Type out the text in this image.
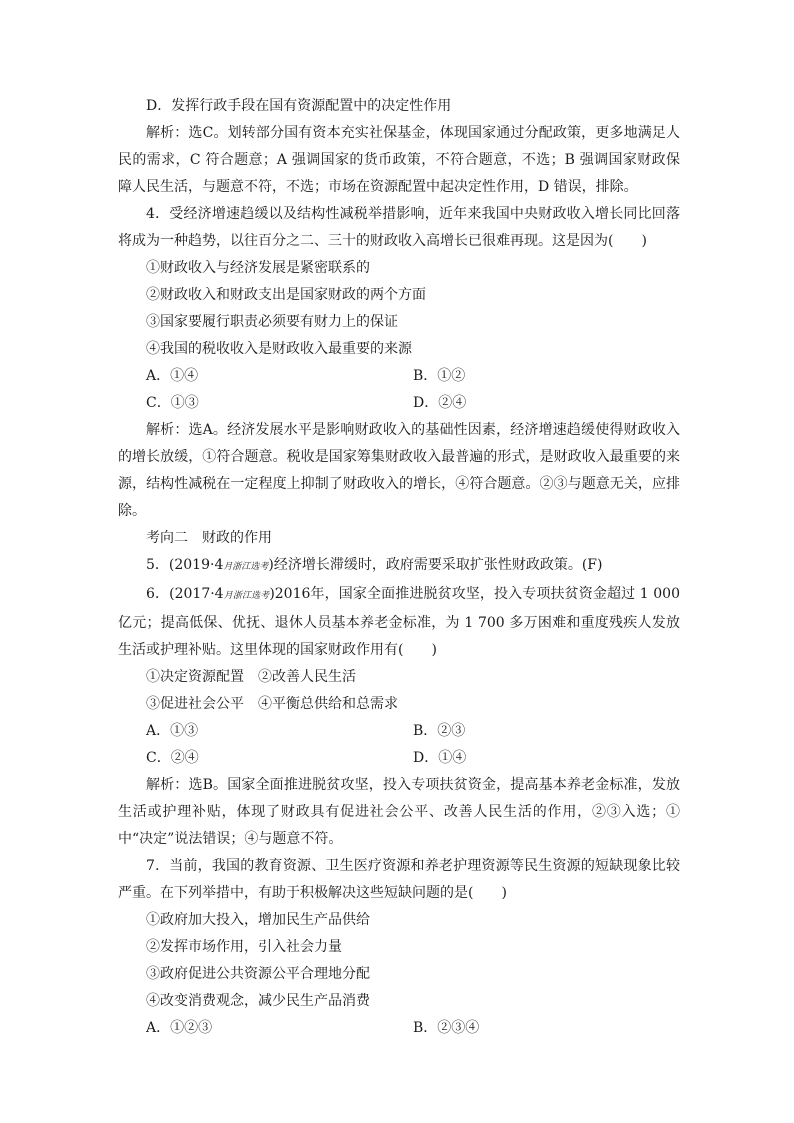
D．发挥行政手段在国有资源配置中的决定性作用
解析：选C。划转部分国有资本充实社保基金，体现国家通过分配政策，更多地满足人民的需求，C 符合题意；A 强调国家的货币政策，不符合题意，不选；B 强调国家财政保障人民生活，与题意不符，不选；市场在资源配置中起决定性作用，D 错误，排除。
4．受经济增速趋缓以及结构性减税举措影响，近年来我国中央财政收入增长同比回落将成为一种趋势，以往百分之二、三十的财政收入高增长已很难再现。这是因为(　　)
①财政收入与经济发展是紧密联系的
②财政收入和财政支出是国家财政的两个方面
③国家要履行职责必须要有财力上的保证
④我国的税收收入是财政收入最重要的来源
A．①④	B．①②
C．①③	D．②④
解析：选A。经济发展水平是影响财政收入的基础性因素，经济增速趋缓使得财政收入的增长放缓，①符合题意。税收是国家筹集财政收入最普遍的形式，是财政收入最重要的来源，结构性减税在一定程度上抑制了财政收入的增长，④符合题意。②③与题意无关，应排除。
考向二　财政的作用
5．(2019·4月浙江选考)经济增长滞缓时，政府需要采取扩张性财政政策。(F)
6．(2017·4月浙江选考)2016年，国家全面推进脱贫攻坚，投入专项扶贫资金超过 1 000 亿元；提高低保、优抚、退休人员基本养老金标准，为 1 700 多万困难和重度残疾人发放生活或护理补贴。这里体现的国家财政作用有(　　)
①决定资源配置　②改善人民生活
③促进社会公平　④平衡总供给和总需求
A．①③	B．②③
C．②④	D．①④
解析：选B。国家全面推进脱贫攻坚，投入专项扶贫资金，提高基本养老金标准，发放生活或护理补贴，体现了财政具有促进社会公平、改善人民生活的作用，②③入选；①中“决定”说法错误；④与题意不符。
7．当前，我国的教育资源、卫生医疗资源和养老护理资源等民生资源的短缺现象比较严重。在下列举措中，有助于积极解决这些短缺问题的是(　　)
①政府加大投入，增加民生产品供给
②发挥市场作用，引入社会力量
③政府促进公共资源公平合理地分配
④改变消费观念，减少民生产品消费
A．①②③	B．②③④
